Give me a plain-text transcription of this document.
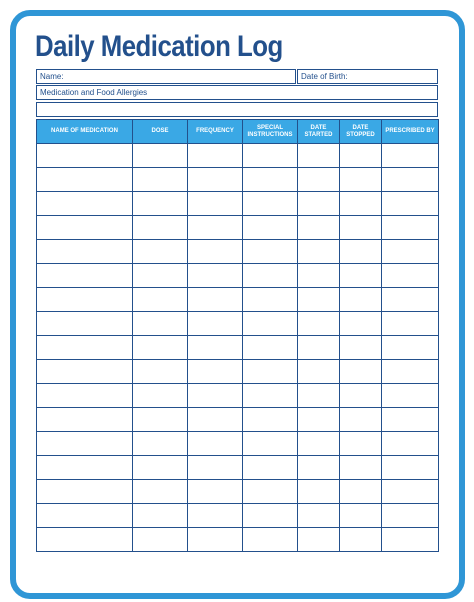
Daily Medication Log
Name:	Date of Birth:
Medication and Food Allergies
NAME OF MEDICATION	DOSE	FREQUENCY	SPECIAL INSTRUCTIONS	DATE STARTED	DATE STOPPED	PRESCRIBED BY
